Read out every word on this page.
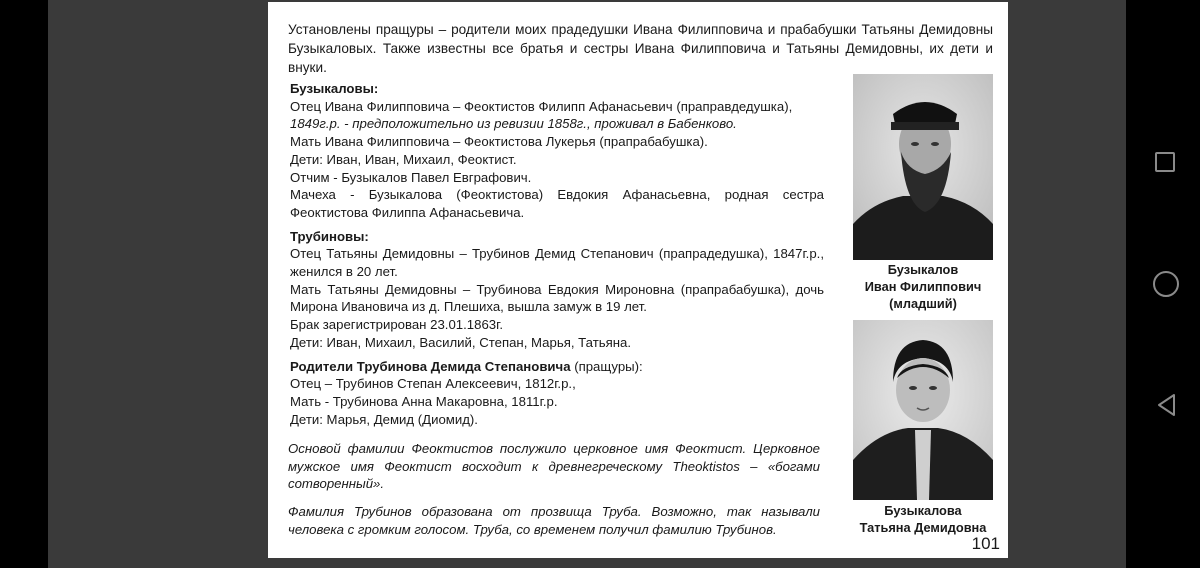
Установлены пращуры – родители моих прадедушки Ивана Филипповича и прабабушки Татьяны Демидовны Бузыкаловых. Также известны все братья и сестры Ивана Филипповича и Татьяны Демидовны, их дети и внуки.

Бузыкаловы:

Отец Ивана Филипповича – Феоктистов Филипп Афанасьевич (праправдедушка),

1849г.р. - предположительно из ревизии 1858г., проживал в Бабенково.

Мать Ивана Филипповича – Феоктистова Лукерья (прапрабабушка).

Дети: Иван, Иван, Михаил, Феоктист.

Отчим - Бузыкалов Павел Евграфович.

Мачеха - Бузыкалова (Феоктистова) Евдокия Афанасьевна, родная сестра Феоктистова Филиппа Афанасьевича.

Трубиновы:

Отец Татьяны Демидовны – Трубинов Демид Степанович (прапрадедушка), 1847г.р., женился в 20 лет.

Мать Татьяны Демидовны – Трубинова Евдокия Мироновна (прапрабабушка), дочь Мирона Ивановича из д. Плешиха, вышла замуж в 19 лет.

Брак зарегистрирован 23.01.1863г.

Дети: Иван, Михаил, Василий, Степан, Марья, Татьяна.

Родители Трубинова Демида Степановича (пращуры):

Отец – Трубинов Степан Алексеевич, 1812г.р.,

Мать - Трубинова Анна Макаровна, 1811г.р.

Дети: Марья, Демид (Диомид).

Основой фамилии Феоктистов послужило церковное имя Феоктист. Церковное мужское имя Феоктист восходит к древнегреческому Theoktistos – «богами сотворенный».

Фамилия Трубинов образована от прозвища Труба. Возможно, так называли человека с громким голосом. Труба, со временем получил фамилию Трубинов.

Бузыкалов

Иван Филиппович

(младший)

Бузыкалова

Татьяна Демидовна

101
